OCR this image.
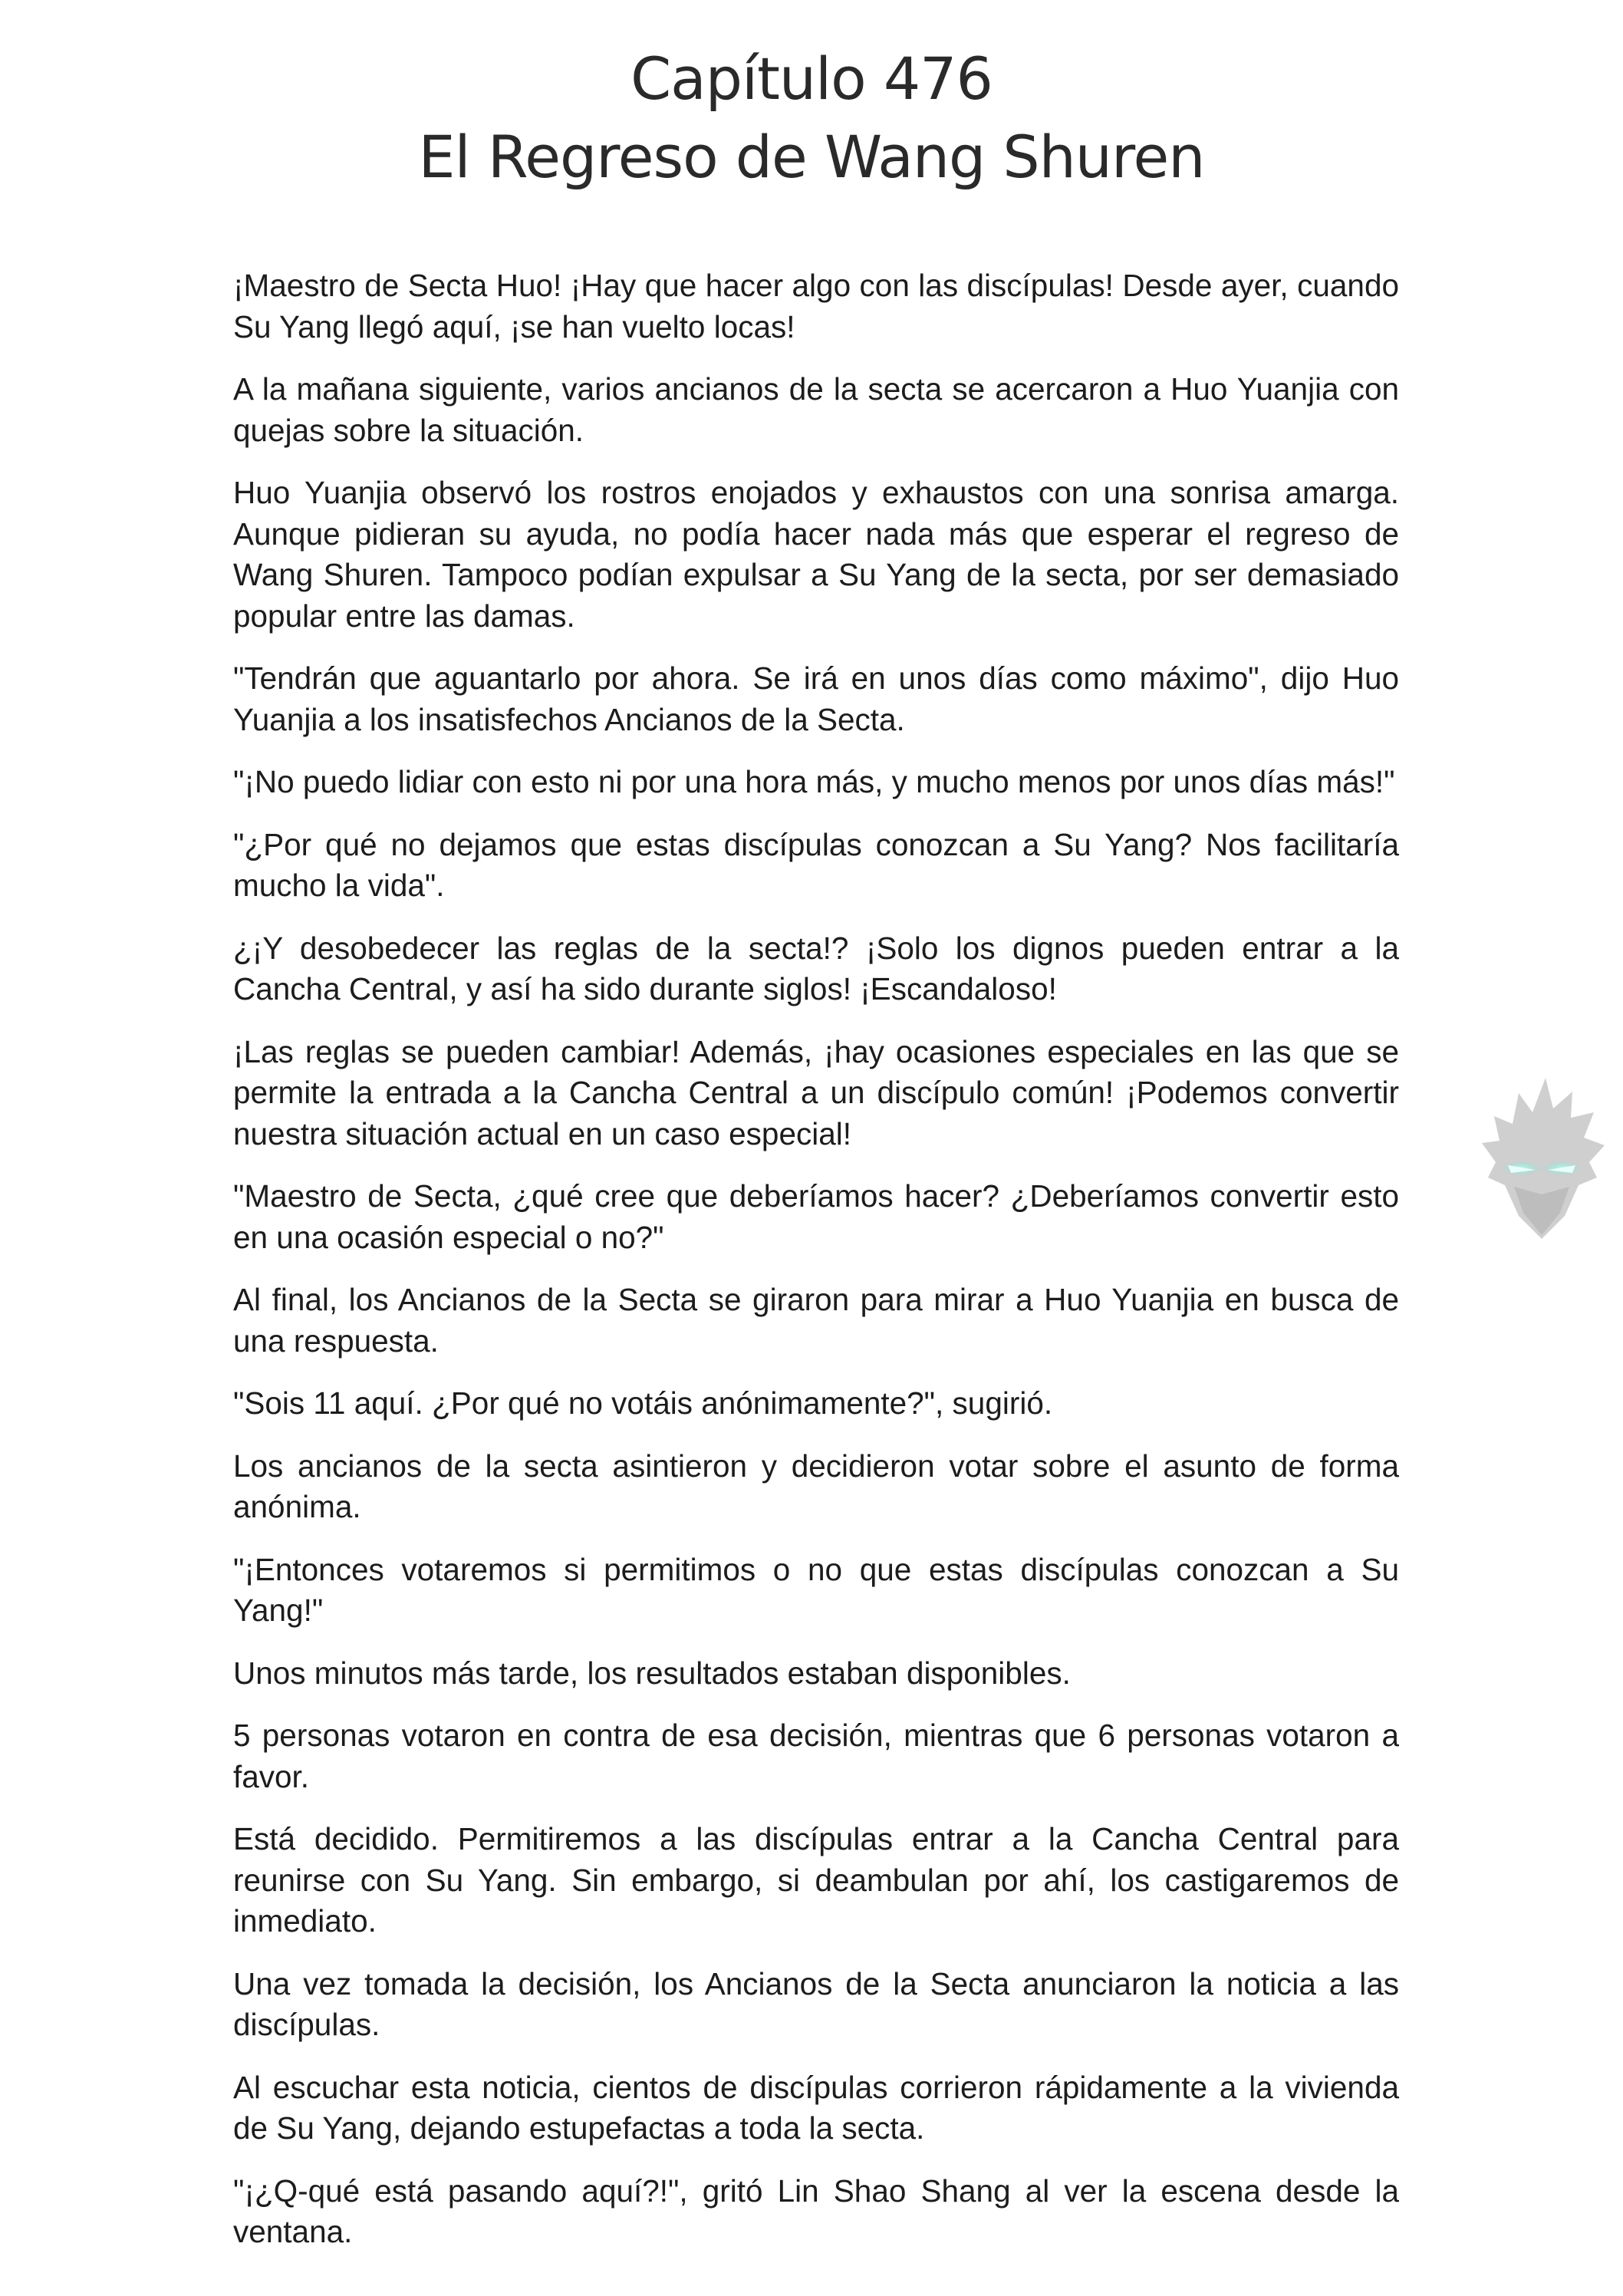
Capítulo 476
El Regreso de Wang Shuren

¡Maestro de Secta Huo! ¡Hay que hacer algo con las discípulas! Desde ayer, cuando Su Yang llegó aquí, ¡se han vuelto locas!

A la mañana siguiente, varios ancianos de la secta se acercaron a Huo Yuanjia con quejas sobre la situación.

Huo Yuanjia observó los rostros enojados y exhaustos con una sonrisa amarga. Aunque pidieran su ayuda, no podía hacer nada más que esperar el regreso de Wang Shuren. Tampoco podían expulsar a Su Yang de la secta, por ser demasiado popular entre las damas.

"Tendrán que aguantarlo por ahora. Se irá en unos días como máximo", dijo Huo Yuanjia a los insatisfechos Ancianos de la Secta.

"¡No puedo lidiar con esto ni por una hora más, y mucho menos por unos días más!"

"¿Por qué no dejamos que estas discípulas conozcan a Su Yang? Nos facilitaría mucho la vida".

¿¡Y desobedecer las reglas de la secta!? ¡Solo los dignos pueden entrar a la Cancha Central, y así ha sido durante siglos! ¡Escandaloso!

¡Las reglas se pueden cambiar! Además, ¡hay ocasiones especiales en las que se permite la entrada a la Cancha Central a un discípulo común! ¡Podemos convertir nuestra situación actual en un caso especial!

"Maestro de Secta, ¿qué cree que deberíamos hacer? ¿Deberíamos convertir esto en una ocasión especial o no?"

Al final, los Ancianos de la Secta se giraron para mirar a Huo Yuanjia en busca de una respuesta.

"Sois 11 aquí. ¿Por qué no votáis anónimamente?", sugirió.

Los ancianos de la secta asintieron y decidieron votar sobre el asunto de forma anónima.

"¡Entonces votaremos si permitimos o no que estas discípulas conozcan a Su Yang!"

Unos minutos más tarde, los resultados estaban disponibles.

5 personas votaron en contra de esa decisión, mientras que 6 personas votaron a favor.

Está decidido. Permitiremos a las discípulas entrar a la Cancha Central para reunirse con Su Yang. Sin embargo, si deambulan por ahí, los castigaremos de inmediato.

Una vez tomada la decisión, los Ancianos de la Secta anunciaron la noticia a las discípulas.

Al escuchar esta noticia, cientos de discípulas corrieron rápidamente a la vivienda de Su Yang, dejando estupefactas a toda la secta.

"¡¿Q-qué está pasando aquí?!", gritó Lin Shao Shang al ver la escena desde la ventana.
